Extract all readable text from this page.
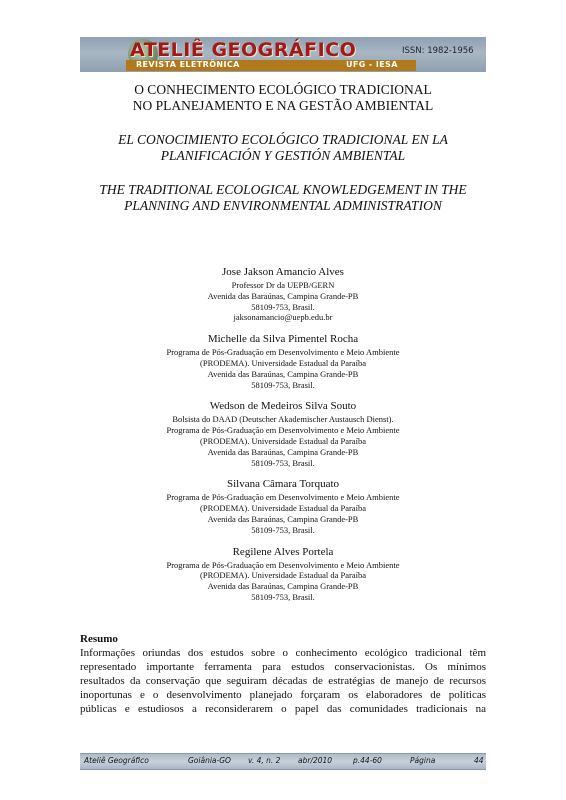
ATELIÊ GEOGRÁFICO
REVISTA ELETRÔNICA	UFG - IESA
ISSN: 1982-1956
O CONHECIMENTO ECOLÓGICO TRADICIONAL
NO PLANEJAMENTO E NA GESTÃO AMBIENTAL
EL CONOCIMIENTO ECOLÓGICO TRADICIONAL EN LA
PLANIFICACIÓN Y GESTIÓN AMBIENTAL
THE TRADITIONAL ECOLOGICAL KNOWLEDGEMENT IN THE
PLANNING AND ENVIRONMENTAL ADMINISTRATION
Jose Jakson Amancio Alves
Professor Dr da UEPB/GERN
Avenida das Baraúnas, Campina Grande-PB
58109-753, Brasil.
jaksonamancio@uepb.edu.br
Michelle da Silva Pimentel Rocha
Programa de Pós-Graduação em Desenvolvimento e Meio Ambiente
(PRODEMA). Universidade Estadual da Paraíba
Avenida das Baraúnas, Campina Grande-PB
58109-753, Brasil.
Wedson de Medeiros Silva Souto
Bolsista do DAAD (Deutscher Akademischer Austausch Dienst).
Programa de Pós-Graduação em Desenvolvimento e Meio Ambiente
(PRODEMA). Universidade Estadual da Paraíba
Avenida das Baraúnas, Campina Grande-PB
58109-753, Brasil.
Silvana Câmara Torquato
Programa de Pós-Graduação em Desenvolvimento e Meio Ambiente
(PRODEMA). Universidade Estadual da Paraíba
Avenida das Baraúnas, Campina Grande-PB
58109-753, Brasil.
Regilene Alves Portela
Programa de Pós-Graduação em Desenvolvimento e Meio Ambiente
(PRODEMA). Universidade Estadual da Paraíba
Avenida das Baraúnas, Campina Grande-PB
58109-753, Brasil.
Resumo

Informações oriundas dos estudos sobre o conhecimento ecológico tradicional têm
representado importante ferramenta para estudos conservacionistas. Os mínimos
resultados da conservação que seguiram décadas de estratégias de manejo de recursos
inoportunas e o desenvolvimento planejado forçaram os elaboradores de políticas
públicas e estudiosos a reconsiderarem o papel das comunidades tradicionais na

Ateliê Geográfico	Goiânia-GO v. 4, n. 2 abr/2010	p.44-60	Página	44
